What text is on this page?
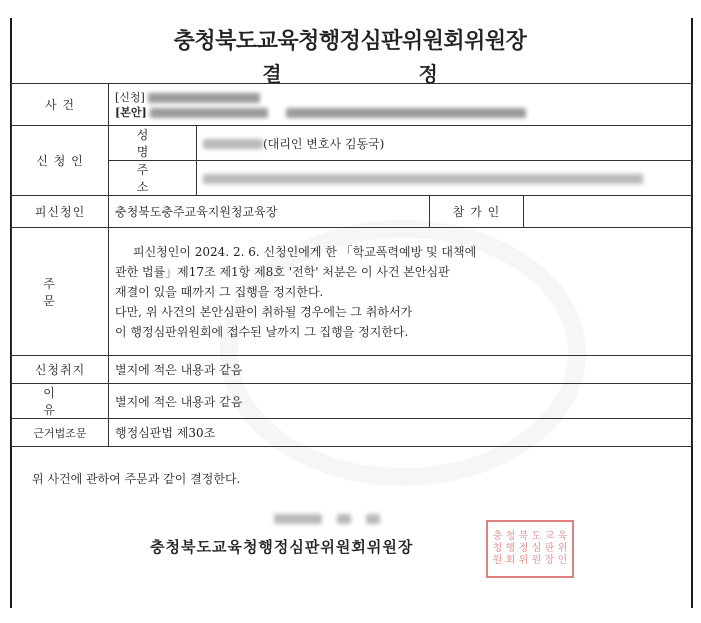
충청북도교육청행정심판위원회위원장
결 정
사 건	[신청]
[본안]			

신 청 인	성 명	(대리인 변호사 김동국)		
	주 소			
피신청인	충청북도충주교육지원청교육장		참 가 인	
주 문	피신청인이 2024. 2. 6. 신청인에게 한 「학교폭력예방 및 대책에
관한 법률」제17조 제1항 제8호 '전학' 처분은 이 사건 본안심판
재결이 있을 때까지 그 집행을 정지한다.
다만, 위 사건의 본안심판이 취하될 경우에는 그 취하서가
이 행정심판위원회에 접수된 날까지 그 집행을 정지한다.			

신청취지	별지에 적은 내용과 같음			
이 유	별지에 적은 내용과 같음			
근거법조문	행정심판법 제30조			
위 사건에 관하여 주문과 같이 결정한다.

충청북도교육청행정심판위원회위원장
충 청 북 도 교 육
청 행 정 심 판 위
원 회 위 원 장 인
